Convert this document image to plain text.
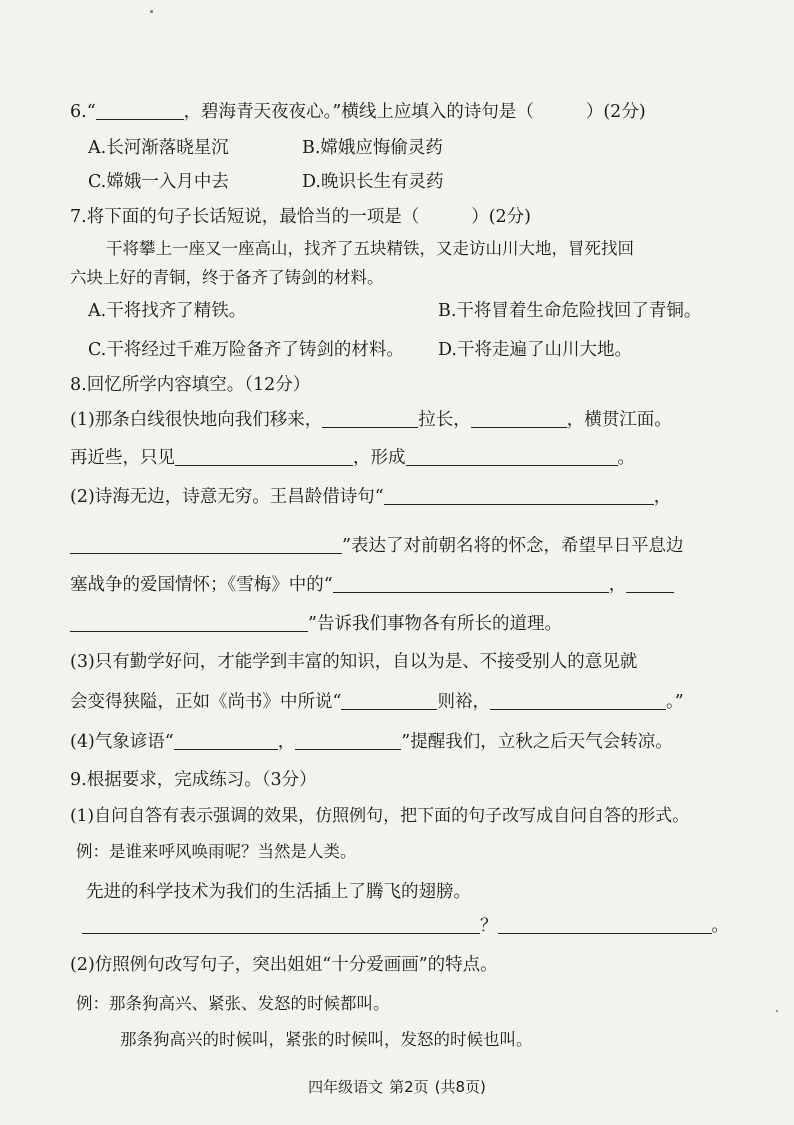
6.“	，碧海青天夜夜心。”横线上应填入的诗句是（	）(2分)

A.长河渐落晓星沉	B.嫦娥应悔偷灵药

C.嫦娥一入月中去	D.晚识长生有灵药

7.将下面的句子长话短说，最恰当的一项是（	）(2分)

干将攀上一座又一座高山，找齐了五块精铁，又走访山川大地，冒死找回

六块上好的青铜，终于备齐了铸剑的材料。

A.干将找齐了精铁。	B.干将冒着生命危险找回了青铜。

C.干将经过千难万险备齐了铸剑的材料。 D.干将走遍了山川大地。

8.回忆所学内容填空。（12分）

(1)那条白线很快地向我们移来，	拉长，	，横贯江面。

再近些，只见	，形成	。

(2)诗海无边，诗意无穷。王昌龄借诗句“	，

”表达了对前朝名将的怀念，希望早日平息边

塞战争的爱国情怀；《雪梅》中的“	，

”告诉我们事物各有所长的道理。

(3)只有勤学好问，才能学到丰富的知识，自以为是、不接受别人的意见就

会变得狭隘，正如《尚书》中所说“	则裕，	。”

(4)气象谚语“	，	”提醒我们，立秋之后天气会转凉。

9.根据要求，完成练习。（3分）

(1)自问自答有表示强调的效果，仿照例句，把下面的句子改写成自问自答的形式。

例：是谁来呼风唤雨呢？当然是人类。

先进的科学技术为我们的生活插上了腾飞的翅膀。

？	。

(2)仿照例句改写句子，突出姐姐“十分爱画画”的特点。

例：那条狗高兴、紧张、发怒的时候都叫。

那条狗高兴的时候叫，紧张的时候叫，发怒的时候也叫。

四年级语文 第2页 (共8页)
